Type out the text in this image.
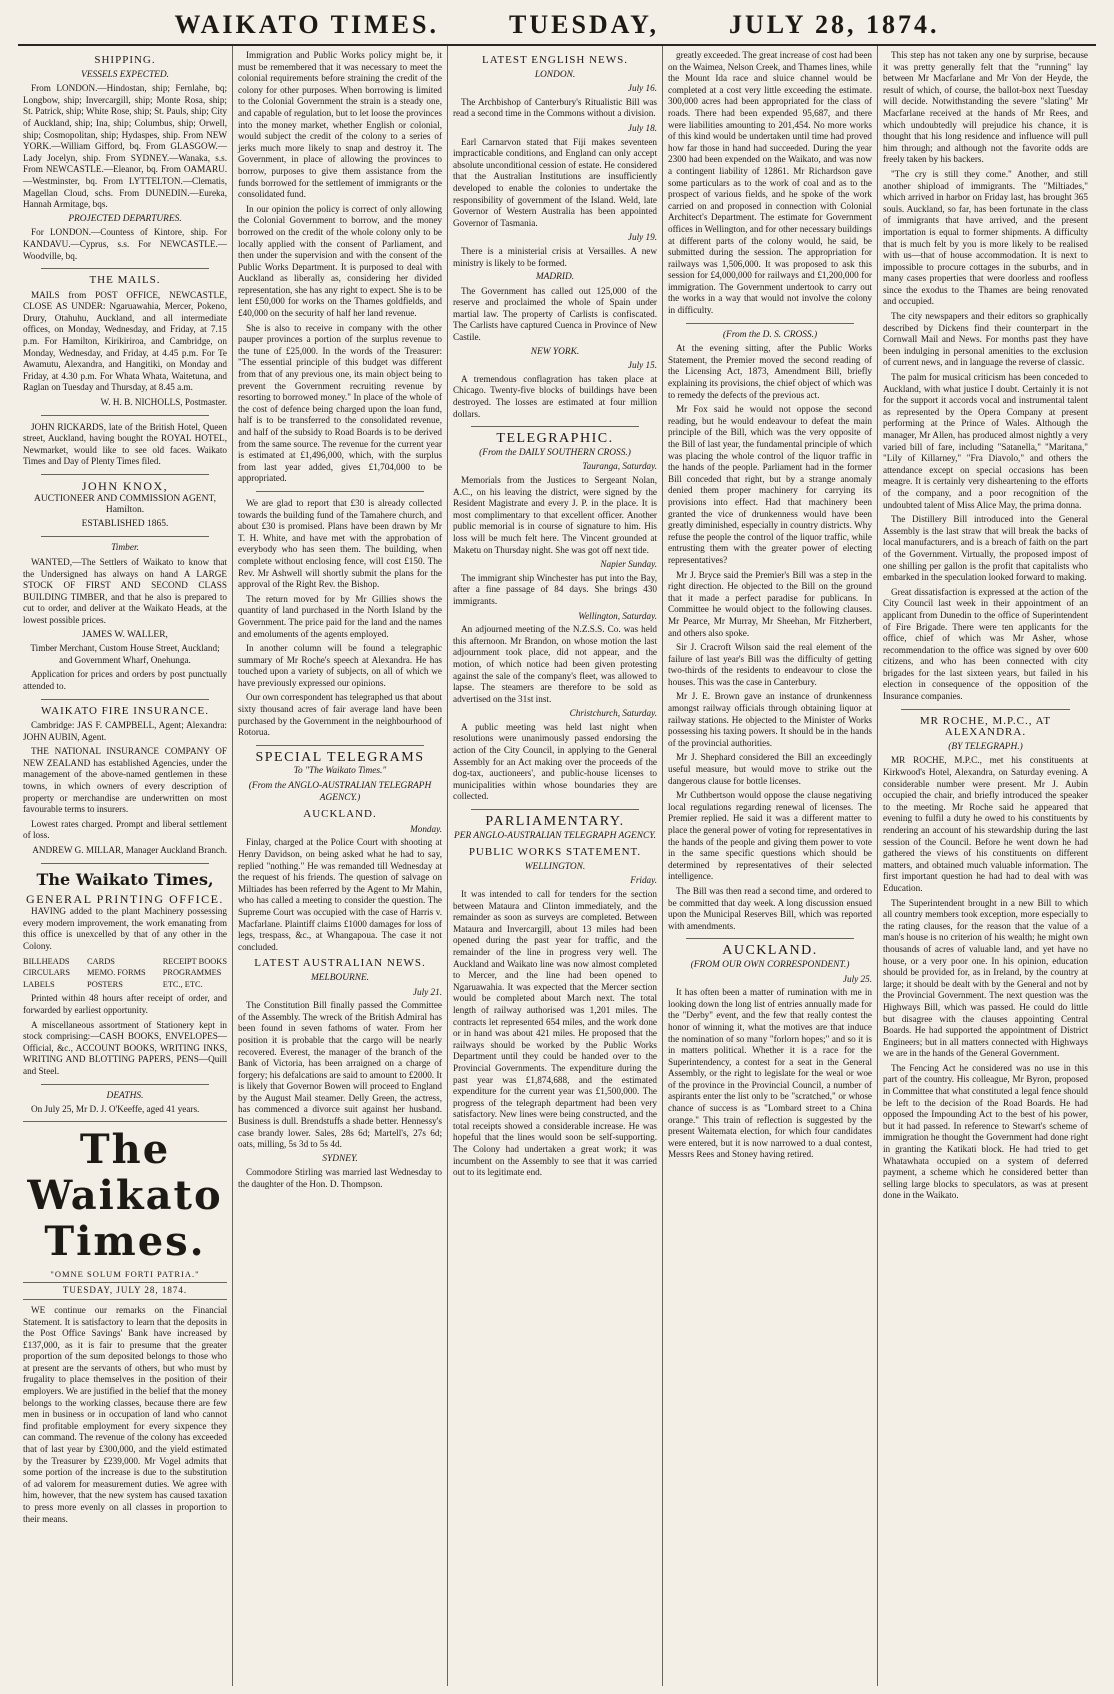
WAIKATO TIMES.	TUESDAY,	JULY 28, 1874.
SHIPPING.
VESSELS EXPECTED.

From LONDON.—Hindostan, ship; Fernlahe, bq; Longbow, ship; Invercargill, ship; Monte Rosa, ship; St. Patrick, ship; White Rose, ship; St. Pauls, ship; City of Auckland, ship; Ina, ship; Columbus, ship; Orwell, ship; Cosmopolitan, ship; Hydaspes, ship. From NEW YORK.—William Gifford, bq. From GLASGOW.—Lady Jocelyn, ship. From SYDNEY.—Wanaka, s.s. From NEWCASTLE.—Eleanor, bq. From OAMARU.—Westminster, bq. From LYTTELTON.—Clematis, Magellan Cloud, schs. From DUNEDIN.—Eureka, Hannah Armitage, bqs.

PROJECTED DEPARTURES.

For LONDON.—Countess of Kintore, ship. For KANDAVU.—Cyprus, s.s. For NEWCASTLE.—Woodville, bq.

THE MAILS.

MAILS from POST OFFICE, NEWCASTLE, CLOSE AS UNDER: Ngaruawahia, Mercer, Pokeno, Drury, Otahuhu, Auckland, and all intermediate offices, on Monday, Wednesday, and Friday, at 7.15 p.m. For Hamilton, Kirikiriroa, and Cambridge, on Monday, Wednesday, and Friday, at 4.45 p.m. For Te Awamutu, Alexandra, and Hangitiki, on Monday and Friday, at 4.30 p.m. For Whata Whata, Waitetuna, and Raglan on Tuesday and Thursday, at 8.45 a.m.

W. H. B. NICHOLLS, Postmaster.

JOHN RICKARDS, late of the British Hotel, Queen street, Auckland, having bought the ROYAL HOTEL, Newmarket, would like to see old faces. Waikato Times and Day of Plenty Times filed.

JOHN KNOX,
AUCTIONEER AND COMMISSION AGENT, Hamilton.
ESTABLISHED 1865.
Timber.

WANTED,—The Settlers of Waikato to know that the Undersigned has always on hand A LARGE STOCK OF FIRST AND SECOND CLASS BUILDING TIMBER, and that he also is prepared to cut to order, and deliver at the Waikato Heads, at the lowest possible prices.

JAMES W. WALLER,

Timber Merchant, Custom House Street, Auckland; and Government Wharf, Onehunga.

Application for prices and orders by post punctually attended to.

WAIKATO FIRE INSURANCE.

Cambridge: JAS F. CAMPBELL, Agent; Alexandra: JOHN AUBIN, Agent.

THE NATIONAL INSURANCE COMPANY OF NEW ZEALAND has established Agencies, under the management of the above-named gentlemen in these towns, in which owners of every description of property or merchandise are underwritten on most favourable terms to insurers.

Lowest rates charged. Prompt and liberal settlement of loss.

ANDREW G. MILLAR, Manager Auckland Branch.

The Waikato Times,
GENERAL PRINTING OFFICE.

HAVING added to the plant Machinery possessing every modern improvement, the work emanating from this office is unexcelled by that of any other in the Colony.

BILLHEADS
CIRCULARS
LABELS
CARDS
MEMO. FORMS
POSTERS
RECEIPT BOOKS
PROGRAMMES
ETC., ETC.

Printed within 48 hours after receipt of order, and forwarded by earliest opportunity.

A miscellaneous assortment of Stationery kept in stock comprising:—CASH BOOKS, ENVELOPES—Official, &c., ACCOUNT BOOKS, WRITING INKS, WRITING AND BLOTTING PAPERS, PENS—Quill and Steel.

DEATHS.

On July 25, Mr D. J. O'Keeffe, aged 41 years.

The Waikato Times.
"OMNE SOLUM FORTI PATRIA."
TUESDAY, JULY 28, 1874.

WE continue our remarks on the Financial Statement. It is satisfactory to learn that the deposits in the Post Office Savings' Bank have increased by £137,000, as it is fair to presume that the greater proportion of the sum deposited belongs to those who at present are the servants of others, but who must by frugality to place themselves in the position of their employers. We are justified in the belief that the money belongs to the working classes, because there are few men in business or in occupation of land who cannot find profitable employment for every sixpence they can command. The revenue of the colony has exceeded that of last year by £300,000, and the yield estimated by the Treasurer by £239,000. Mr Vogel admits that some portion of the increase is due to the substitution of ad valorem for measurement duties. We agree with him, however, that the new system has caused taxation to press more evenly on all classes in proportion to their means.

Immigration and Public Works policy might be, it must be remembered that it was necessary to meet the colonial requirements before straining the credit of the colony for other purposes. When borrowing is limited to the Colonial Government the strain is a steady one, and capable of regulation, but to let loose the provinces into the money market, whether English or colonial, would subject the credit of the colony to a series of jerks much more likely to snap and destroy it. The Government, in place of allowing the provinces to borrow, purposes to give them assistance from the funds borrowed for the settlement of immigrants or the consolidated fund.

In our opinion the policy is correct of only allowing the Colonial Government to borrow, and the money borrowed on the credit of the whole colony only to be locally applied with the consent of Parliament, and then under the supervision and with the consent of the Public Works Department. It is purposed to deal with Auckland as liberally as, considering her divided representation, she has any right to expect. She is to be lent £50,000 for works on the Thames goldfields, and £40,000 on the security of half her land revenue.

She is also to receive in company with the other pauper provinces a portion of the surplus revenue to the tune of £25,000. In the words of the Treasurer: "The essential principle of this budget was different from that of any previous one, its main object being to prevent the Government recruiting revenue by resorting to borrowed money." In place of the whole of the cost of defence being charged upon the loan fund, half is to be transferred to the consolidated revenue, and half of the subsidy to Road Boards is to be derived from the same source. The revenue for the current year is estimated at £1,496,000, which, with the surplus from last year added, gives £1,704,000 to be appropriated.

We are glad to report that £30 is already collected towards the building fund of the Tamahere church, and about £30 is promised. Plans have been drawn by Mr T. H. White, and have met with the approbation of everybody who has seen them. The building, when complete without enclosing fence, will cost £150. The Rev. Mr Ashwell will shortly submit the plans for the approval of the Right Rev. the Bishop.

The return moved for by Mr Gillies shows the quantity of land purchased in the North Island by the Government. The price paid for the land and the names and emoluments of the agents employed.

In another column will be found a telegraphic summary of Mr Roche's speech at Alexandra. He has touched upon a variety of subjects, on all of which we have previously expressed our opinions.

Our own correspondent has telegraphed us that about sixty thousand acres of fair average land have been purchased by the Government in the neighbourhood of Rotorua.

SPECIAL TELEGRAMS
To "The Waikato Times."
(From the ANGLO-AUSTRALIAN TELEGRAPH AGENCY.)
AUCKLAND.
Monday.

Finlay, charged at the Police Court with shooting at Henry Davidson, on being asked what he had to say, replied "nothing." He was remanded till Wednesday at the request of his friends. The question of salvage on Miltiades has been referred by the Agent to Mr Mahin, who has called a meeting to consider the question. The Supreme Court was occupied with the case of Harris v. Macfarlane. Plaintiff claims £1000 damages for loss of legs, trespass, &c., at Whangapoua. The case it not concluded.

LATEST AUSTRALIAN NEWS.
MELBOURNE.
July 21.

The Constitution Bill finally passed the Committee of the Assembly. The wreck of the British Admiral has been found in seven fathoms of water. From her position it is probable that the cargo will be nearly recovered. Everest, the manager of the branch of the Bank of Victoria, has been arraigned on a charge of forgery; his defalcations are said to amount to £2000. It is likely that Governor Bowen will proceed to England by the August Mail steamer. Delly Green, the actress, has commenced a divorce suit against her husband. Business is dull. Brendstuffs a shade better. Hennessy's case brandy lower. Sales, 28s 6d; Martell's, 27s 6d; oats, milling, 5s 3d to 5s 4d.

SYDNEY.

Commodore Stirling was married last Wednesday to the daughter of the Hon. D. Thompson.

LATEST ENGLISH NEWS.
LONDON.
July 16.

The Archbishop of Canterbury's Ritualistic Bill was read a second time in the Commons without a division.

July 18.

Earl Carnarvon stated that Fiji makes seventeen impracticable conditions, and England can only accept absolute unconditional cession of estate. He considered that the Australian Institutions are insufficiently developed to enable the colonies to undertake the responsibility of government of the Island. Weld, late Governor of Western Australia has been appointed Governor of Tasmania.

July 19.

There is a ministerial crisis at Versailles. A new ministry is likely to be formed.

MADRID.

The Government has called out 125,000 of the reserve and proclaimed the whole of Spain under martial law. The property of Carlists is confiscated. The Carlists have captured Cuenca in Province of New Castile.

NEW YORK.
July 15.

A tremendous conflagration has taken place at Chicago. Twenty-five blocks of buildings have been destroyed. The losses are estimated at four million dollars.

TELEGRAPHIC.
(From the DAILY SOUTHERN CROSS.)
Tauranga, Saturday.

Memorials from the Justices to Sergeant Nolan, A.C., on his leaving the district, were signed by the Resident Magistrate and every J. P. in the place. It is most complimentary to that excellent officer. Another public memorial is in course of signature to him. His loss will be much felt here. The Vincent grounded at Maketu on Thursday night. She was got off next tide.

Napier Sunday.

The immigrant ship Winchester has put into the Bay, after a fine passage of 84 days. She brings 430 immigrants.

Wellington, Saturday.

An adjourned meeting of the N.Z.S.S. Co. was held this afternoon. Mr Brandon, on whose motion the last adjournment took place, did not appear, and the motion, of which notice had been given protesting against the sale of the company's fleet, was allowed to lapse. The steamers are therefore to be sold as advertised on the 31st inst.

Christchurch, Saturday.

A public meeting was held last night when resolutions were unanimously passed endorsing the action of the City Council, in applying to the General Assembly for an Act making over the proceeds of the dog-tax, auctioneers', and public-house licenses to municipalities within whose boundaries they are collected.

PARLIAMENTARY.
PER ANGLO-AUSTRALIAN TELEGRAPH AGENCY.
PUBLIC WORKS STATEMENT.
WELLINGTON.
Friday.

It was intended to call for tenders for the section between Mataura and Clinton immediately, and the remainder as soon as surveys are completed. Between Mataura and Invercargill, about 13 miles had been opened during the past year for traffic, and the remainder of the line in progress very well. The Auckland and Waikato line was now almost completed to Mercer, and the line had been opened to Ngaruawahia. It was expected that the Mercer section would be completed about March next. The total length of railway authorised was 1,201 miles. The contracts let represented 654 miles, and the work done or in hand was about 421 miles. He proposed that the railways should be worked by the Public Works Department until they could be handed over to the Provincial Governments. The expenditure during the past year was £1,874,688, and the estimated expenditure for the current year was £1,500,000. The progress of the telegraph department had been very satisfactory. New lines were being constructed, and the total receipts showed a considerable increase. He was hopeful that the lines would soon be self-supporting. The Colony had undertaken a great work; it was incumbent on the Assembly to see that it was carried out to its legitimate end.

greatly exceeded. The great increase of cost had been on the Waimea, Nelson Creek, and Thames lines, while the Mount Ida race and sluice channel would be completed at a cost very little exceeding the estimate. 300,000 acres had been appropriated for the class of roads. There had been expended 95,687, and there were liabilities amounting to 201,454. No more works of this kind would be undertaken until time had proved how far those in hand had succeeded. During the year 2300 had been expended on the Waikato, and was now a contingent liability of 12861. Mr Richardson gave some particulars as to the work of coal and as to the prospect of various fields, and he spoke of the work carried on and proposed in connection with Colonial Architect's Department. The estimate for Government offices in Wellington, and for other necessary buildings at different parts of the colony would, he said, be submitted during the session. The appropriation for railways was 1,506,000. It was proposed to ask this session for £4,000,000 for railways and £1,200,000 for immigration. The Government undertook to carry out the works in a way that would not involve the colony in difficulty.

(From the D. S. CROSS.)

At the evening sitting, after the Public Works Statement, the Premier moved the second reading of the Licensing Act, 1873, Amendment Bill, briefly explaining its provisions, the chief object of which was to remedy the defects of the previous act.

Mr Fox said he would not oppose the second reading, but he would endeavour to defeat the main principle of the Bill, which was the very opposite of the Bill of last year, the fundamental principle of which was placing the whole control of the liquor traffic in the hands of the people. Parliament had in the former Bill conceded that right, but by a strange anomaly denied them proper machinery for carrying its provisions into effect. Had that machinery been granted the vice of drunkenness would have been greatly diminished, especially in country districts. Why refuse the people the control of the liquor traffic, while entrusting them with the greater power of electing representatives?

Mr J. Bryce said the Premier's Bill was a step in the right direction. He objected to the Bill on the ground that it made a perfect paradise for publicans. In Committee he would object to the following clauses. Mr Pearce, Mr Murray, Mr Sheehan, Mr Fitzherbert, and others also spoke.

Sir J. Cracroft Wilson said the real element of the failure of last year's Bill was the difficulty of getting two-thirds of the residents to endeavour to close the houses. This was the case in Canterbury.

Mr J. E. Brown gave an instance of drunkenness amongst railway officials through obtaining liquor at railway stations. He objected to the Minister of Works possessing his taxing powers. It should be in the hands of the provincial authorities.

Mr J. Shephard considered the Bill an exceedingly useful measure, but would move to strike out the dangerous clause for bottle licenses.

Mr Cuthbertson would oppose the clause negativing local regulations regarding renewal of licenses. The Premier replied. He said it was a different matter to place the general power of voting for representatives in the hands of the people and giving them power to vote in the same specific questions which should be determined by representatives of their selected intelligence.

The Bill was then read a second time, and ordered to be committed that day week. A long discussion ensued upon the Municipal Reserves Bill, which was reported with amendments.

AUCKLAND.
(FROM OUR OWN CORRESPONDENT.)
July 25.

It has often been a matter of rumination with me in looking down the long list of entries annually made for the "Derby" event, and the few that really contest the honor of winning it, what the motives are that induce the nomination of so many "forlorn hopes;" and so it is in matters political. Whether it is a race for the Superintendency, a contest for a seat in the General Assembly, or the right to legislate for the weal or woe of the province in the Provincial Council, a number of aspirants enter the list only to be "scratched," or whose chance of success is as "Lombard street to a China orange." This train of reflection is suggested by the present Waitemata election, for which four candidates were entered, but it is now narrowed to a dual contest, Messrs Rees and Stoney having retired.

This step has not taken any one by surprise, because it was pretty generally felt that the "running" lay between Mr Macfarlane and Mr Von der Heyde, the result of which, of course, the ballot-box next Tuesday will decide. Notwithstanding the severe "slating" Mr Macfarlane received at the hands of Mr Rees, and which undoubtedly will prejudice his chance, it is thought that his long residence and influence will pull him through; and although not the favorite odds are freely taken by his backers.

"The cry is still they come." Another, and still another shipload of immigrants. The "Miltiades," which arrived in harbor on Friday last, has brought 365 souls. Auckland, so far, has been fortunate in the class of immigrants that have arrived, and the present importation is equal to former shipments. A difficulty that is much felt by you is more likely to be realised with us—that of house accommodation. It is next to impossible to procure cottages in the suburbs, and in many cases properties that were doorless and roofless since the exodus to the Thames are being renovated and occupied.

The city newspapers and their editors so graphically described by Dickens find their counterpart in the Cornwall Mail and News. For months past they have been indulging in personal amenities to the exclusion of current news, and in language the reverse of classic.

The palm for musical criticism has been conceded to Auckland, with what justice I doubt. Certainly it is not for the support it accords vocal and instrumental talent as represented by the Opera Company at present performing at the Prince of Wales. Although the manager, Mr Allen, has produced almost nightly a very varied bill of fare, including "Satanella," "Maritana," "Lily of Killarney," "Fra Diavolo," and others the attendance except on special occasions has been meagre. It is certainly very disheartening to the efforts of the company, and a poor recognition of the undoubted talent of Miss Alice May, the prima donna.

The Distillery Bill introduced into the General Assembly is the last straw that will break the backs of local manufacturers, and is a breach of faith on the part of the Government. Virtually, the proposed impost of one shilling per gallon is the profit that capitalists who embarked in the speculation looked forward to making.

Great dissatisfaction is expressed at the action of the City Council last week in their appointment of an applicant from Dunedin to the office of Superintendent of Fire Brigade. There were ten applicants for the office, chief of which was Mr Asher, whose recommendation to the office was signed by over 600 citizens, and who has been connected with city brigades for the last sixteen years, but failed in his election in consequence of the opposition of the Insurance companies.

MR ROCHE, M.P.C., AT ALEXANDRA.
(BY TELEGRAPH.)

MR ROCHE, M.P.C., met his constituents at Kirkwood's Hotel, Alexandra, on Saturday evening. A considerable number were present. Mr J. Aubin occupied the chair, and briefly introduced the speaker to the meeting. Mr Roche said he appeared that evening to fulfil a duty he owed to his constituents by rendering an account of his stewardship during the last session of the Council. Before he went down he had gathered the views of his constituents on different matters, and obtained much valuable information. The first important question he had had to deal with was Education.

The Superintendent brought in a new Bill to which all country members took exception, more especially to the rating clauses, for the reason that the value of a man's house is no criterion of his wealth; he might own thousands of acres of valuable land, and yet have no house, or a very poor one. In his opinion, education should be provided for, as in Ireland, by the country at large; it should be dealt with by the General and not by the Provincial Government. The next question was the Highways Bill, which was passed. He could do little but disagree with the clauses appointing Central Boards. He had supported the appointment of District Engineers; but in all matters connected with Highways we are in the hands of the General Government.

The Fencing Act he considered was no use in this part of the country. His colleague, Mr Byron, proposed in Committee that what constituted a legal fence should be left to the decision of the Road Boards. He had opposed the Impounding Act to the best of his power, but it had passed. In reference to Stewart's scheme of immigration he thought the Government had done right in granting the Katikati block. He had tried to get Whatawhata occupied on a system of deferred payment, a scheme which he considered better than selling large blocks to speculators, as was at present done in the Waikato.
